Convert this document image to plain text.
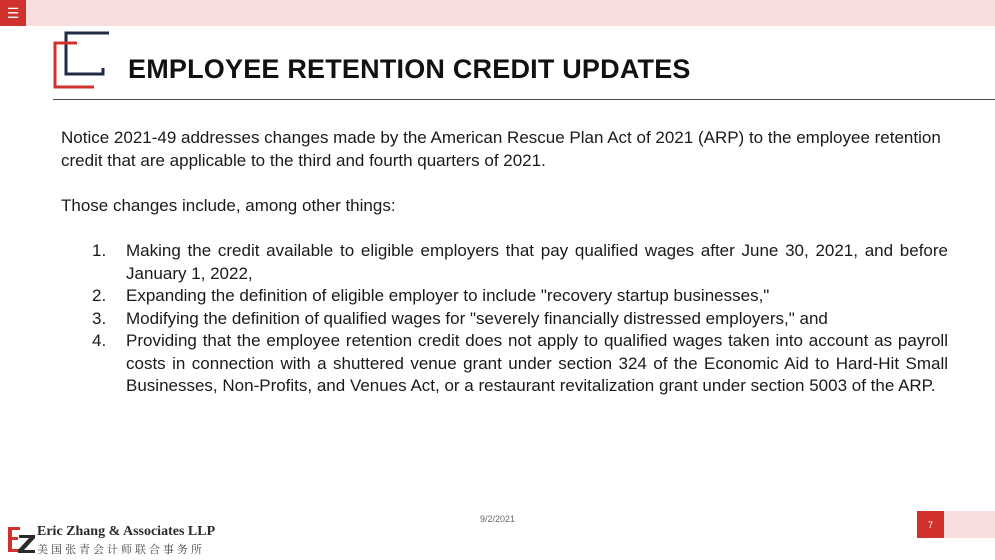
☰
EMPLOYEE RETENTION CREDIT UPDATES

Notice 2021-49 addresses changes made by the American Rescue Plan Act of 2021 (ARP) to the employee retention credit that are applicable to the third and fourth quarters of 2021.

Those changes include, among other things:

1.	Making the credit available to eligible employers that pay qualified wages after June 30, 2021, and before January 1, 2022,
2.	Expanding the definition of eligible employer to include "recovery startup businesses,"
3.	Modifying the definition of qualified wages for "severely financially distressed employers," and
4.	Providing that the employee retention credit does not apply to qualified wages taken into account as payroll costs in connection with a shuttered venue grant under section 324 of the Economic Aid to Hard-Hit Small Businesses, Non-Profits, and Venues Act, or a restaurant revitalization grant under section 5003 of the ARP.
9/2/2021
7
Eric Zhang & Associates LLP
美国张青会计师联合事务所
